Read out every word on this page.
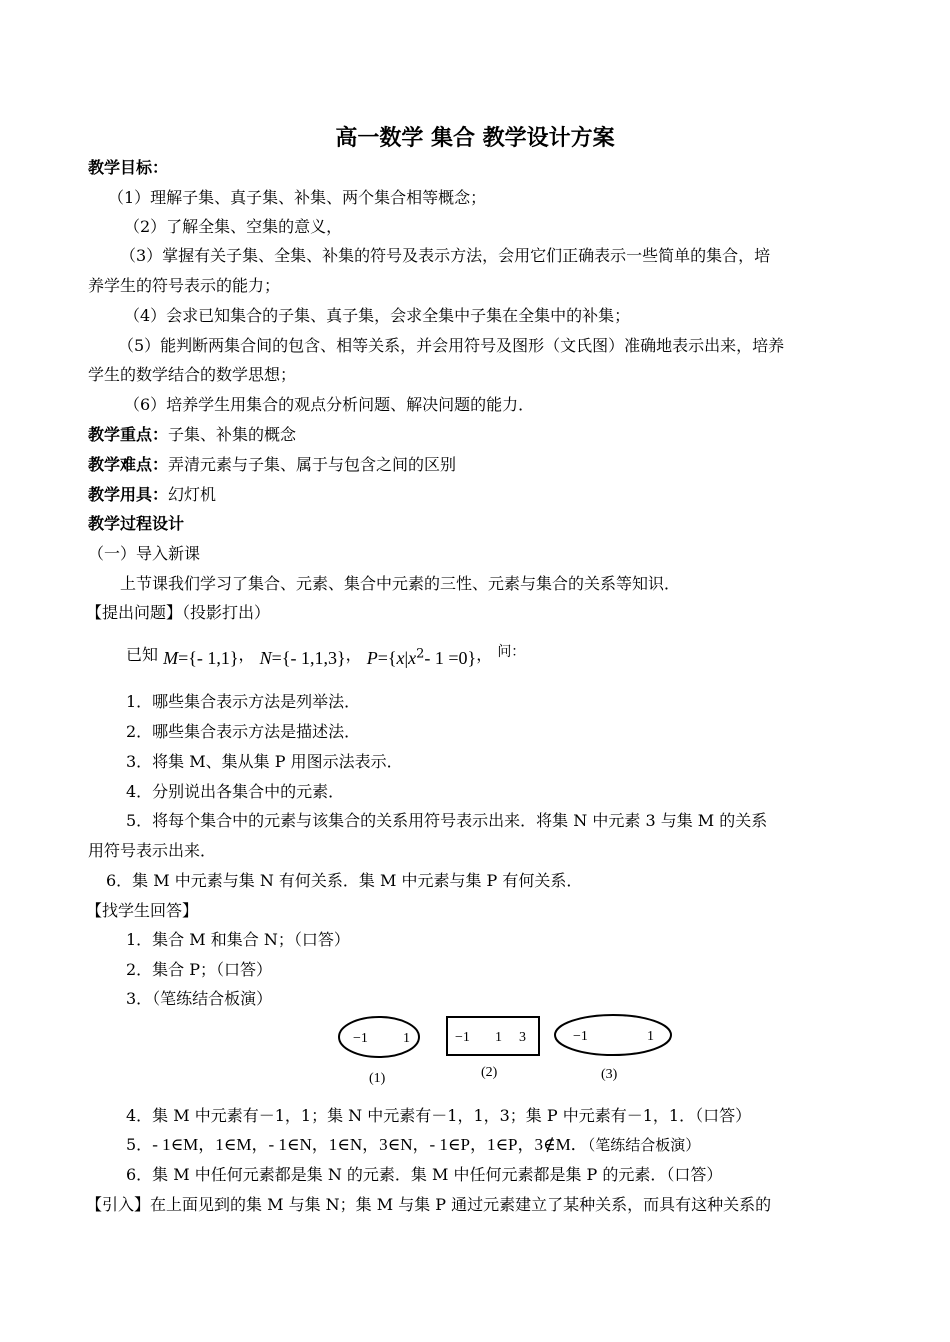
高一数学 集合 教学设计方案
教学目标：
（1）理解子集、真子集、补集、两个集合相等概念；
（2）了解全集、空集的意义，
（3）掌握有关子集、全集、补集的符号及表示方法，会用它们正确表示一些简单的集合，培
养学生的符号表示的能力；
（4）会求已知集合的子集、真子集，会求全集中子集在全集中的补集；
（5）能判断两集合间的包含、相等关系，并会用符号及图形（文氏图）准确地表示出来，培养
学生的数学结合的数学思想；
（6）培养学生用集合的观点分析问题、解决问题的能力．
教学重点：子集、补集的概念
教学难点：弄清元素与子集、属于与包含之间的区别
教学用具：幻灯机
教学过程设计
（一）导入新课
上节课我们学习了集合、元素、集合中元素的三性、元素与集合的关系等知识．
【提出问题】（投影打出）
已知 M={- 1,1}， N={- 1,1,3}， $P=\{x|x^2-$ 1 =0}， 问：
1．哪些集合表示方法是列举法．
2．哪些集合表示方法是描述法．
3．将集 M、集从集 P 用图示法表示．
4．分别说出各集合中的元素．
5．将每个集合中的元素与该集合的关系用符号表示出来．将集 N 中元素 3 与集 M 的关系
用符号表示出来．
6．集 M 中元素与集 N 有何关系．集 M 中元素与集 P 有何关系．
【找学生回答】
1．集合 M 和集合 N；（口答）
2．集合 P；（口答）
3．（笔练结合板演）
−1	1
(1)
−1 1 3
(2)
−1	1
(3)
4．集 M 中元素有－1，1；集 N 中元素有－1，1，3；集 P 中元素有－1，1．（口答）
5．- 1∈M，1∈M，- 1∈N，1∈N，3∈N，- 1∈P，1∈P，3∉M．（笔练结合板演）
6．集 M 中任何元素都是集 N 的元素．集 M 中任何元素都是集 P 的元素．（口答）
【引入】在上面见到的集 M 与集 N；集 M 与集 P 通过元素建立了某种关系，而具有这种关系的
